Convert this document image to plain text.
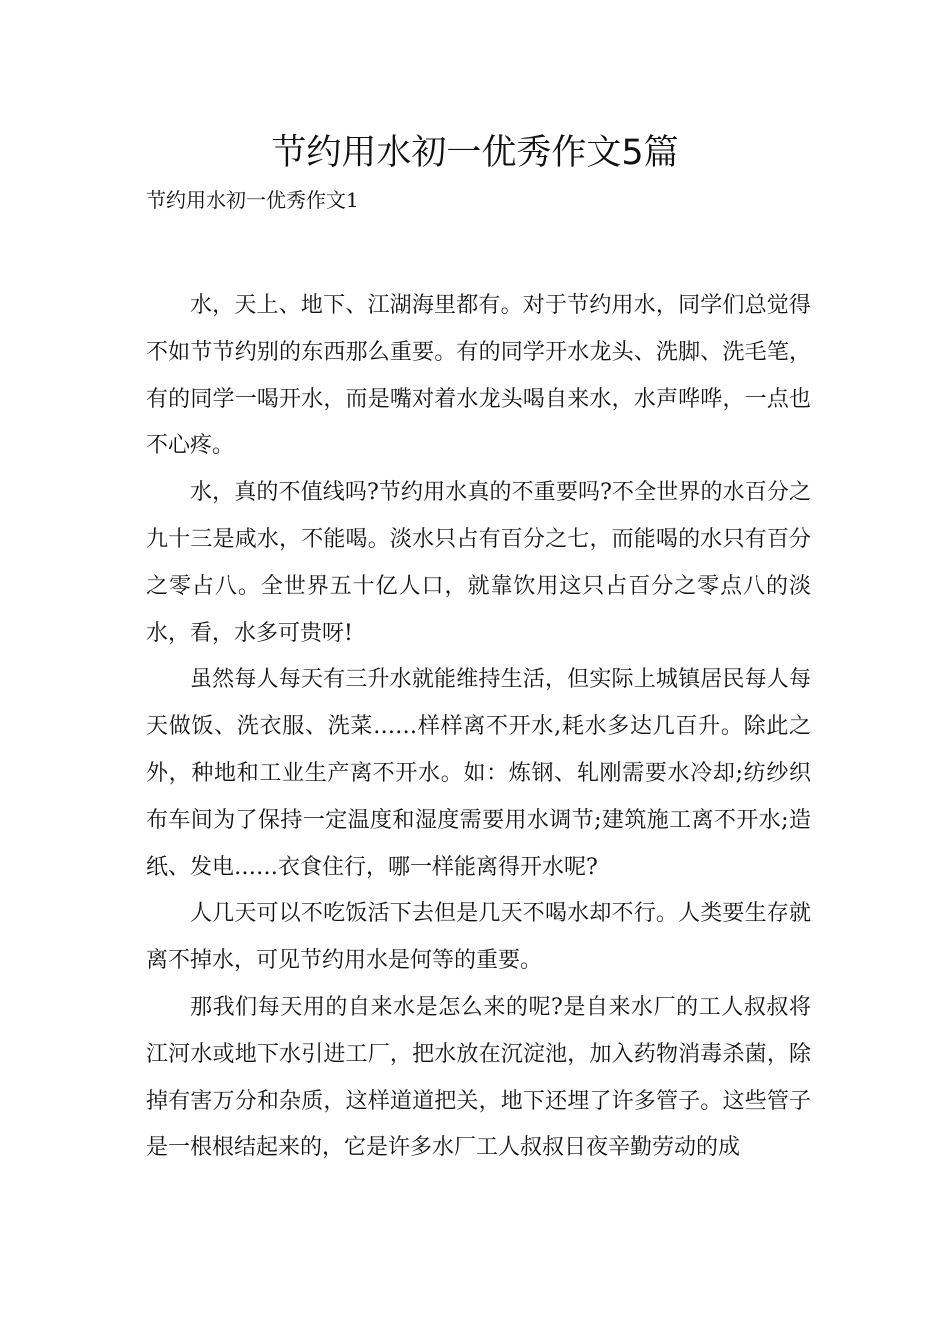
节约用水初一优秀作文5篇
节约用水初一优秀作文1

水，天上、地下、江湖海里都有。对于节约用水，同学们总觉得不如节节约别的东西那么重要。有的同学开水龙头、洗脚、洗毛笔，有的同学一喝开水，而是嘴对着水龙头喝自来水，水声哗哗，一点也不心疼。

水，真的不值线吗?节约用水真的不重要吗?不全世界的水百分之九十三是咸水，不能喝。淡水只占有百分之七，而能喝的水只有百分之零占八。全世界五十亿人口，就靠饮用这只占百分之零点八的淡水，看，水多可贵呀!

虽然每人每天有三升水就能维持生活，但实际上城镇居民每人每天做饭、洗衣服、洗菜……样样离不开水,耗水多达几百升。除此之外，种地和工业生产离不开水。如：炼钢、轧刚需要水冷却;纺纱织布车间为了保持一定温度和湿度需要用水调节;建筑施工离不开水;造纸、发电……衣食住行，哪一样能离得开水呢?

人几天可以不吃饭活下去但是几天不喝水却不行。人类要生存就离不掉水，可见节约用水是何等的重要。

那我们每天用的自来水是怎么来的呢?是自来水厂的工人叔叔将江河水或地下水引进工厂，把水放在沉淀池，加入药物消毒杀菌，除掉有害万分和杂质，这样道道把关，地下还埋了许多管子。这些管子是一根根结起来的，它是许多水厂工人叔叔日夜辛勤劳动的成
